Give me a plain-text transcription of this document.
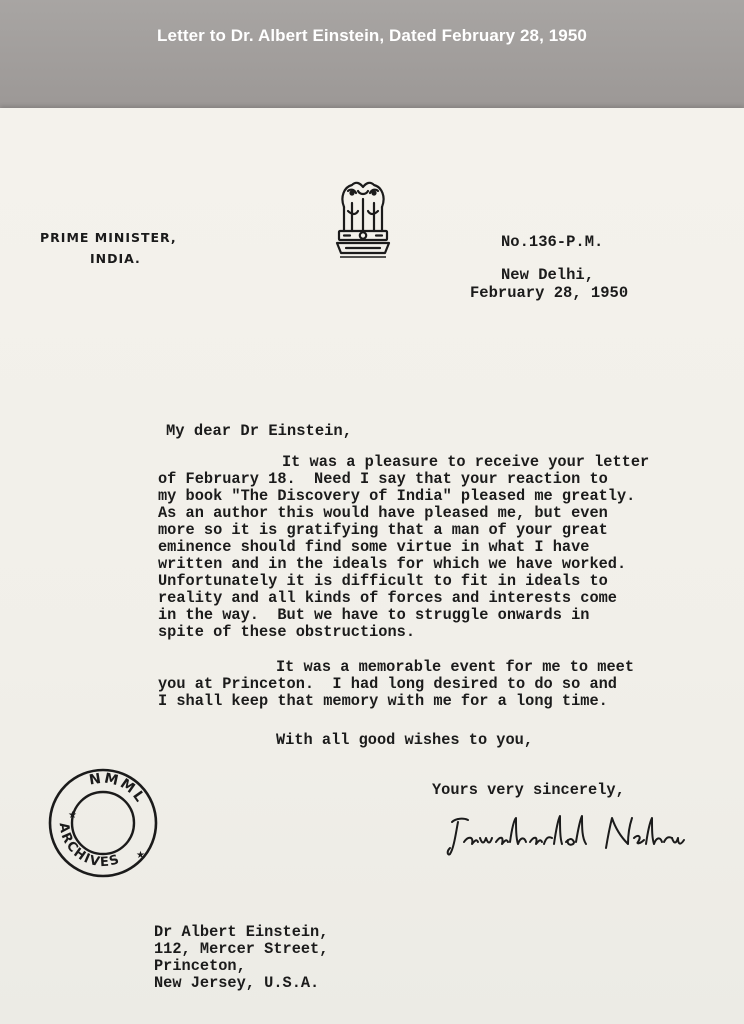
Letter to Dr. Albert Einstein, Dated February 28, 1950
PRIME MINISTER,
INDIA.
No.136-P.M.
New Delhi,
February 28, 1950
My dear Dr Einstein,
It was a pleasure to receive your letter
of February 18.  Need I say that your reaction to
my book "The Discovery of India" pleased me greatly.
As an author this would have pleased me, but even
more so it is gratifying that a man of your great
eminence should find some virtue in what I have
written and in the ideals for which we have worked.
Unfortunately it is difficult to fit in ideals to
reality and all kinds of forces and interests come
in the way.  But we have to struggle onwards in
spite of these obstructions.
It was a memorable event for me to meet
you at Princeton.  I had long desired to do so and
I shall keep that memory with me for a long time.
With all good wishes to you,
Yours very sincerely,
NMML
ARCHIVES
★
★
Dr Albert Einstein,
112, Mercer Street,
Princeton,
New Jersey, U.S.A.
